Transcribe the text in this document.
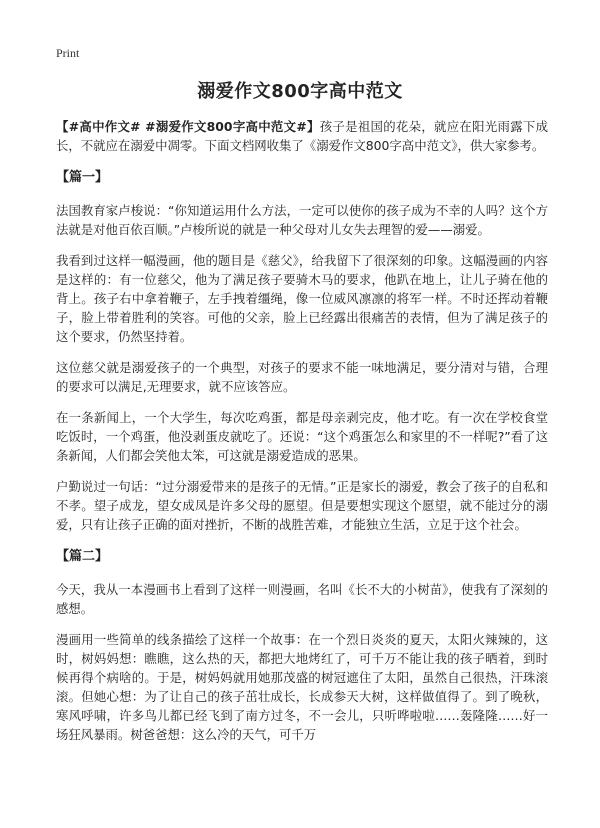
Print
溺爱作文800字高中范文

【#高中作文# #溺爱作文800字高中范文#】孩子是祖国的花朵，就应在阳光雨露下成长，不就应在溺爱中凋零。下面文档网收集了《溺爱作文800字高中范文》，供大家参考。

【篇一】

法国教育家卢梭说：“你知道运用什么方法，一定可以使你的孩子成为不幸的人吗？这个方法就是对他百依百顺。”卢梭所说的就是一种父母对儿女失去理智的爱——溺爱。

我看到过这样一幅漫画，他的题目是《慈父》，给我留下了很深刻的印象。这幅漫画的内容是这样的：有一位慈父，他为了满足孩子要骑木马的要求，他趴在地上，让儿子骑在他的背上。孩子右中拿着鞭子，左手拽着缰绳，像一位威风凛凛的将军一样。不时还挥动着鞭子，脸上带着胜利的笑容。可他的父亲，脸上已经露出很痛苦的表情，但为了满足孩子的这个要求，仍然坚持着。

这位慈父就是溺爱孩子的一个典型，对孩子的要求不能一味地满足，要分清对与错，合理的要求可以满足,无理要求，就不应该答应。

在一条新闻上，一个大学生，每次吃鸡蛋，都是母亲剥完皮，他才吃。有一次在学校食堂吃饭时，一个鸡蛋，他没剥蛋皮就吃了。还说：“这个鸡蛋怎么和家里的不一样呢?”看了这条新闻，人们都会笑他太笨，可这就是溺爱造成的恶果。

户勤说过一句话：“过分溺爱带来的是孩子的无情。”正是家长的溺爱，教会了孩子的自私和不孝。望子成龙，望女成凤是许多父母的愿望。但是要想实现这个愿望，就不能过分的溺爱，只有让孩子正确的面对挫折，不断的战胜苦难，才能独立生活，立足于这个社会。

【篇二】

今天，我从一本漫画书上看到了这样一则漫画，名叫《长不大的小树苗》，使我有了深刻的感想。

漫画用一些简单的线条描绘了这样一个故事：在一个烈日炎炎的夏天，太阳火辣辣的，这时，树妈妈想：瞧瞧，这么热的天，都把大地烤红了，可千万不能让我的孩子晒着，到时候再得个病啥的。于是，树妈妈就用她那茂盛的树冠遮住了太阳，虽然自己很热，汗珠滚滚。但她心想：为了让自己的孩子茁壮成长，长成参天大树，这样做值得了。到了晚秋，寒风呼啸，许多鸟儿都已经飞到了南方过冬，不一会儿，只听哗啦啦……轰隆隆……好一场狂风暴雨。树爸爸想：这么冷的天气，可千万
